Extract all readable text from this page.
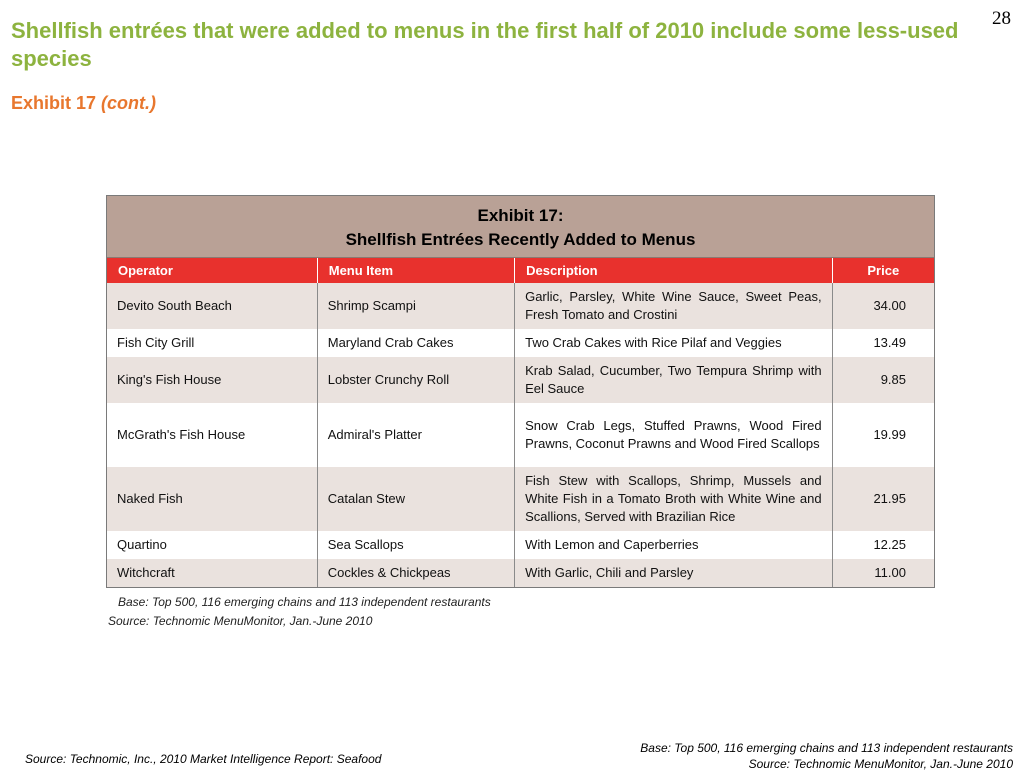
28
Shellfish entrées that were added to menus in the first half of 2010 include some less-used species
Exhibit 17 (cont.)
Exhibit 17:
Shellfish Entrées Recently Added to Menus
Operator	Menu Item	Description	Price
Devito South Beach	Shrimp Scampi	Garlic, Parsley, White Wine Sauce, Sweet Peas, Fresh Tomato and Crostini	34.00
Fish City Grill	Maryland Crab Cakes	Two Crab Cakes with Rice Pilaf and Veggies	13.49
King's Fish House	Lobster Crunchy Roll	Krab Salad, Cucumber, Two Tempura Shrimp with Eel Sauce	9.85
McGrath's Fish House	Admiral's Platter	Snow Crab Legs, Stuffed Prawns, Wood Fired Prawns, Coconut Prawns and Wood Fired Scallops	19.99
Naked Fish	Catalan Stew	Fish Stew with Scallops, Shrimp, Mussels and White Fish in a Tomato Broth with White Wine and Scallions, Served with Brazilian Rice	21.95
Quartino	Sea Scallops	With Lemon and Caperberries	12.25
Witchcraft	Cockles & Chickpeas	With Garlic, Chili and Parsley	11.00
Base: Top 500, 116 emerging chains and 113 independent restaurants
Source: Technomic MenuMonitor, Jan.-June 2010
Source: Technomic, Inc., 2010 Market Intelligence Report: Seafood
Base: Top 500, 116 emerging chains and 113 independent restaurants
Source: Technomic MenuMonitor, Jan.-June 2010
